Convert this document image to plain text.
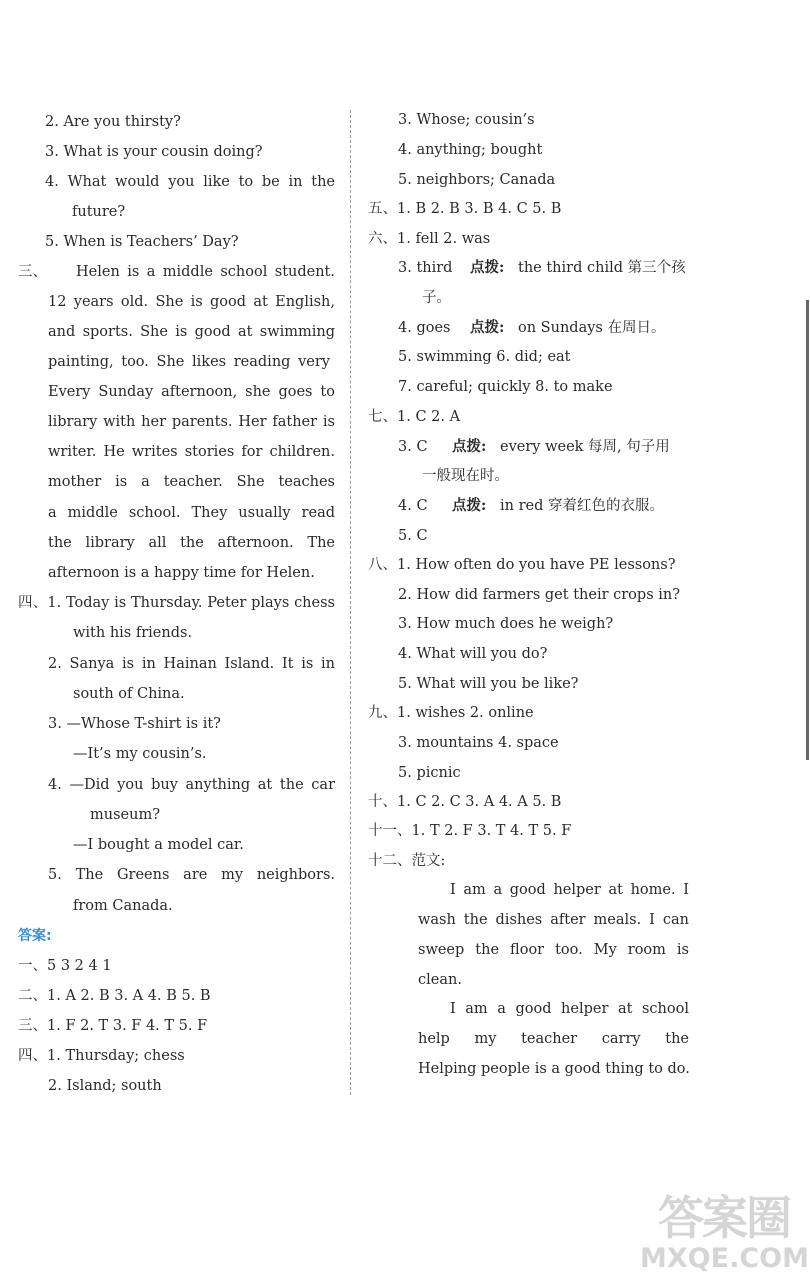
2. Are you thirsty?
3. What is your cousin doing?
4. What would you like to be in the
future?
5. When is Teachers’ Day?
三、 Helen is a middle school student.
12 years old. She is good at English,
and sports. She is good at swimming
painting, too. She likes reading very
Every Sunday afternoon, she goes to
library with her parents. Her father is
writer. He writes stories for children.
mother is a teacher. She teaches
a middle school. They usually read
the library all the afternoon. The
afternoon is a happy time for Helen.
四、1. Today is Thursday. Peter plays chess
with his friends.
2. Sanya is in Hainan Island. It is in
south of China.
3. —Whose T-shirt is it?
—It’s my cousin’s.
4. —Did you buy anything at the car
museum?
—I bought a model car.
5. The Greens are my neighbors.
from Canada.
答案:
一、5 3 2 4 1
二、1. A 2. B 3. A 4. B 5. B
三、1. F 2. T 3. F 4. T 5. F
四、1. Thursday; chess
2. Island; south
3. Whose; cousin’s
4. anything; bought
5. neighbors; Canada
五、1. B 2. B 3. B 4. C 5. B
六、1. fell 2. was
3. third 点拨: the third child 第三个孩
子。
4. goes 点拨: on Sundays 在周日。
5. swimming 6. did; eat
7. careful; quickly 8. to make
七、1. C 2. A
3. C 点拨: every week 每周, 句子用
一般现在时。
4. C 点拨: in red 穿着红色的衣服。
5. C
八、1. How often do you have PE lessons?
2. How did farmers get their crops in?
3. How much does he weigh?
4. What will you do?
5. What will you be like?
九、1. wishes 2. online
3. mountains 4. space
5. picnic
十、1. C 2. C 3. A 4. A 5. B
十一、1. T 2. F 3. T 4. T 5. F
十二、范文:
I am a good helper at home. I
wash the dishes after meals. I can
sweep the floor too. My room is
clean.
I am a good helper at school
help my teacher carry the
Helping people is a good thing to do.
答案圈
MXQE.COM
